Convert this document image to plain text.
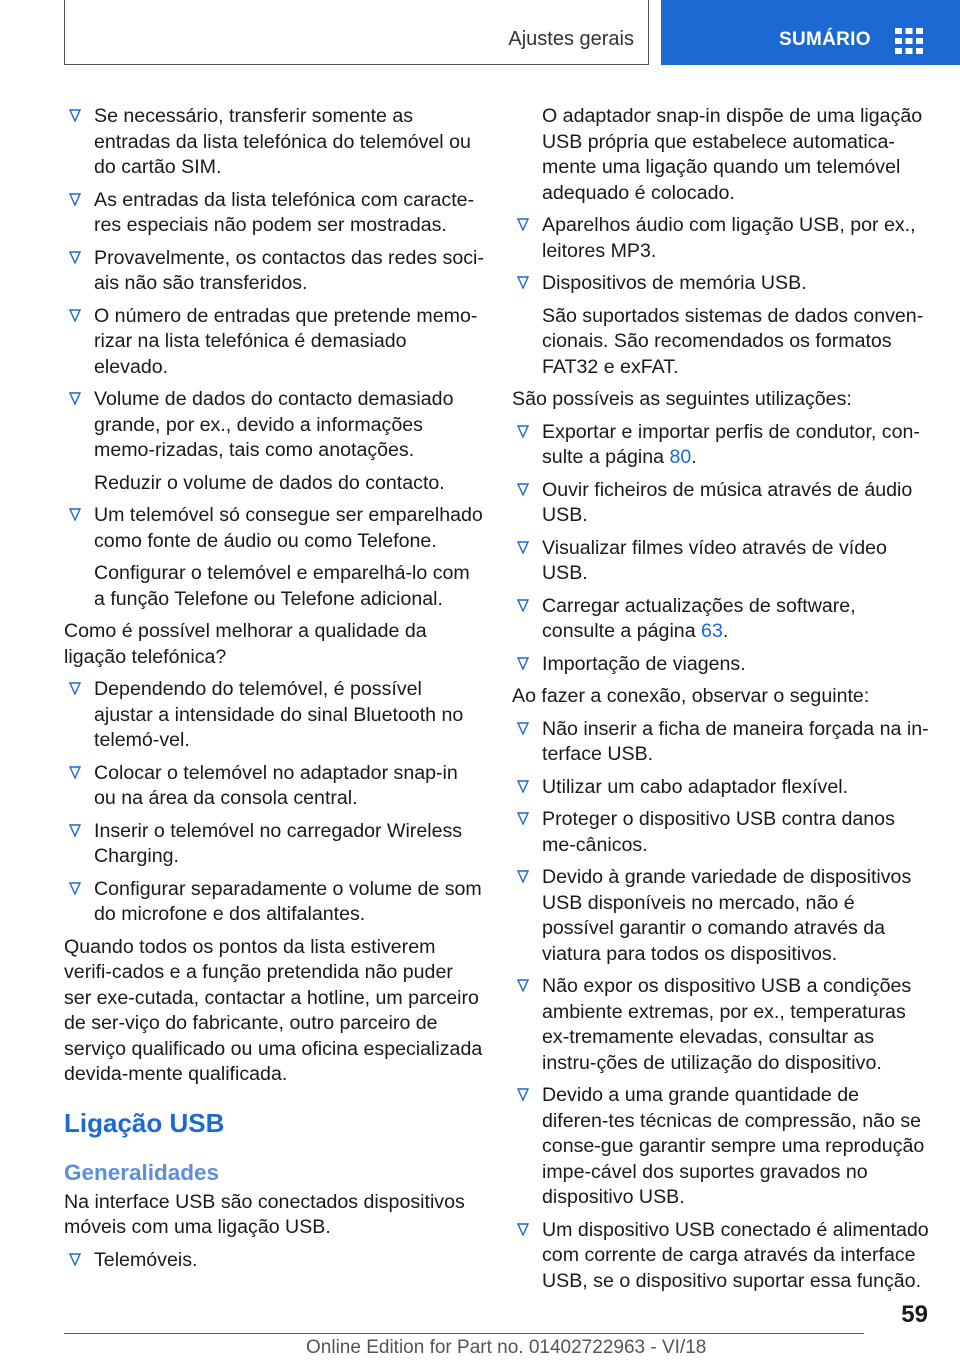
Ajustes gerais	SUMÁRIO
Se necessário, transferir somente as entradas da lista telefónica do telemóvel ou do cartão SIM.
As entradas da lista telefónica com caracte‐res especiais não podem ser mostradas.
Provavelmente, os contactos das redes soci‐ais não são transferidos.
O número de entradas que pretende memo‐rizar na lista telefónica é demasiado elevado.
Volume de dados do contacto demasiado grande, por ex., devido a informações memo‐rizadas, tais como anotações.
Reduzir o volume de dados do contacto.
Um telemóvel só consegue ser emparelhado como fonte de áudio ou como Telefone.
Configurar o telemóvel e emparelhá-lo com a função Telefone ou Telefone adicional.
Como é possível melhorar a qualidade da ligação telefónica?
Dependendo do telemóvel, é possível ajustar a intensidade do sinal Bluetooth no telemó‐vel.
Colocar o telemóvel no adaptador snap-in ou na área da consola central.
Inserir o telemóvel no carregador Wireless Charging.
Configurar separadamente o volume de som do microfone e dos altifalantes.
Quando todos os pontos da lista estiverem verifi‐cados e a função pretendida não puder ser exe‐cutada, contactar a hotline, um parceiro de ser‐viço do fabricante, outro parceiro de serviço qualificado ou uma oficina especializada devida‐mente qualificada.
Ligação USB
Generalidades
Na interface USB são conectados dispositivos móveis com uma ligação USB.
Telemóveis.
O adaptador snap-in dispõe de uma ligação USB própria que estabelece automatica‐mente uma ligação quando um telemóvel adequado é colocado.
Aparelhos áudio com ligação USB, por ex., leitores MP3.
Dispositivos de memória USB.
São suportados sistemas de dados conven‐cionais. São recomendados os formatos FAT32 e exFAT.
São possíveis as seguintes utilizações:
Exportar e importar perfis de condutor, con‐sulte a página 80.
Ouvir ficheiros de música através de áudio USB.
Visualizar filmes vídeo através de vídeo USB.
Carregar actualizações de software, consulte a página 63.
Importação de viagens.
Ao fazer a conexão, observar o seguinte:
Não inserir a ficha de maneira forçada na in‐terface USB.
Utilizar um cabo adaptador flexível.
Proteger o dispositivo USB contra danos me‐cânicos.
Devido à grande variedade de dispositivos USB disponíveis no mercado, não é possível garantir o comando através da viatura para todos os dispositivos.
Não expor os dispositivo USB a condições ambiente extremas, por ex., temperaturas ex‐tremamente elevadas, consultar as instru‐ções de utilização do dispositivo.
Devido a uma grande quantidade de diferen‐tes técnicas de compressão, não se conse‐gue garantir sempre uma reprodução impe‐cável dos suportes gravados no dispositivo USB.
Um dispositivo USB conectado é alimentado com corrente de carga através da interface USB, se o dispositivo suportar essa função.
59
Online Edition for Part no. 01402722963 - VI/18
